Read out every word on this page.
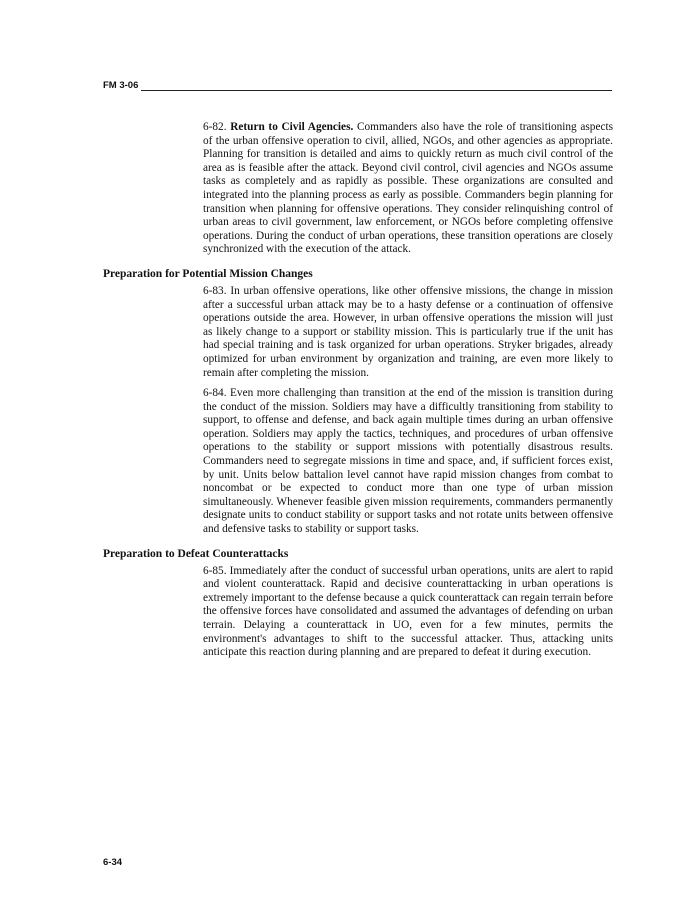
FM 3-06

6-82. Return to Civil Agencies. Commanders also have the role of transitioning aspects of the urban offensive operation to civil, allied, NGOs, and other agencies as appropriate. Planning for transition is detailed and aims to quickly return as much civil control of the area as is feasible after the attack. Beyond civil control, civil agencies and NGOs assume tasks as completely and as rapidly as possible. These organizations are consulted and integrated into the planning process as early as possible. Commanders begin planning for transition when planning for offensive operations. They consider relinquishing control of urban areas to civil government, law enforcement, or NGOs before completing offensive operations. During the conduct of urban operations, these transition operations are closely synchronized with the execution of the attack.

Preparation for Potential Mission Changes

6-83. In urban offensive operations, like other offensive missions, the change in mission after a successful urban attack may be to a hasty defense or a continuation of offensive operations outside the area. However, in urban offensive operations the mission will just as likely change to a support or stability mission. This is particularly true if the unit has had special training and is task organized for urban operations. Stryker brigades, already optimized for urban environment by organization and training, are even more likely to remain after completing the mission.

6-84. Even more challenging than transition at the end of the mission is transition during the conduct of the mission. Soldiers may have a difficultly transitioning from stability to support, to offense and defense, and back again multiple times during an urban offensive operation. Soldiers may apply the tactics, techniques, and procedures of urban offensive operations to the stability or support missions with potentially disastrous results. Commanders need to segregate missions in time and space, and, if sufficient forces exist, by unit. Units below battalion level cannot have rapid mission changes from combat to noncombat or be expected to conduct more than one type of urban mission simultaneously. Whenever feasible given mission requirements, commanders permanently designate units to conduct stability or support tasks and not rotate units between offensive and defensive tasks to stability or support tasks.

Preparation to Defeat Counterattacks

6-85. Immediately after the conduct of successful urban operations, units are alert to rapid and violent counterattack. Rapid and decisive counterattacking in urban operations is extremely important to the defense because a quick counterattack can regain terrain before the offensive forces have consolidated and assumed the advantages of defending on urban terrain. Delaying a counterattack in UO, even for a few minutes, permits the environment's advantages to shift to the successful attacker. Thus, attacking units anticipate this reaction during planning and are prepared to defeat it during execution.

6-34
